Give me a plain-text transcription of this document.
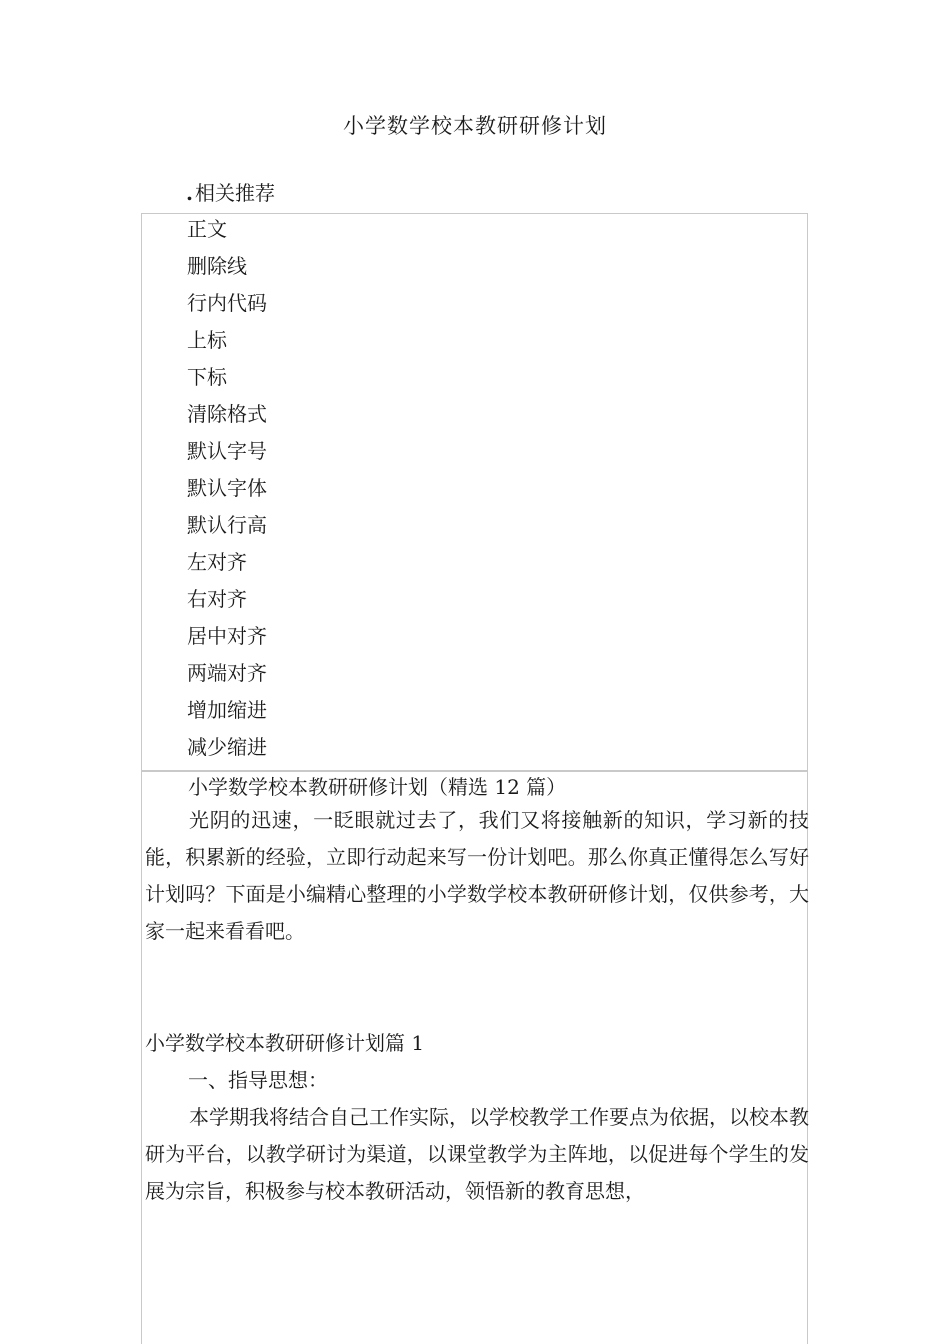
小学数学校本教研研修计划
. 相关推荐
正文
删除线
行内代码
上标
下标
清除格式
默认字号
默认字体
默认行高
左对齐
右对齐
居中对齐
两端对齐
增加缩进
减少缩进
小学数学校本教研研修计划（精选 12 篇）
光阴的迅速，一眨眼就过去了，我们又将接触新的知识，学习新的技能，积累新的经验，立即行动起来写一份计划吧。那么你真正懂得怎么写好计划吗？下面是小编精心整理的小学数学校本教研研修计划，仅供参考，大家一起来看看吧。
小学数学校本教研研修计划篇 1
一、指导思想：
本学期我将结合自己工作实际，以学校教学工作要点为依据，以校本教研为平台，以教学研讨为渠道，以课堂教学为主阵地，以促进每个学生的发展为宗旨，积极参与校本教研活动，领悟新的教育思想，
